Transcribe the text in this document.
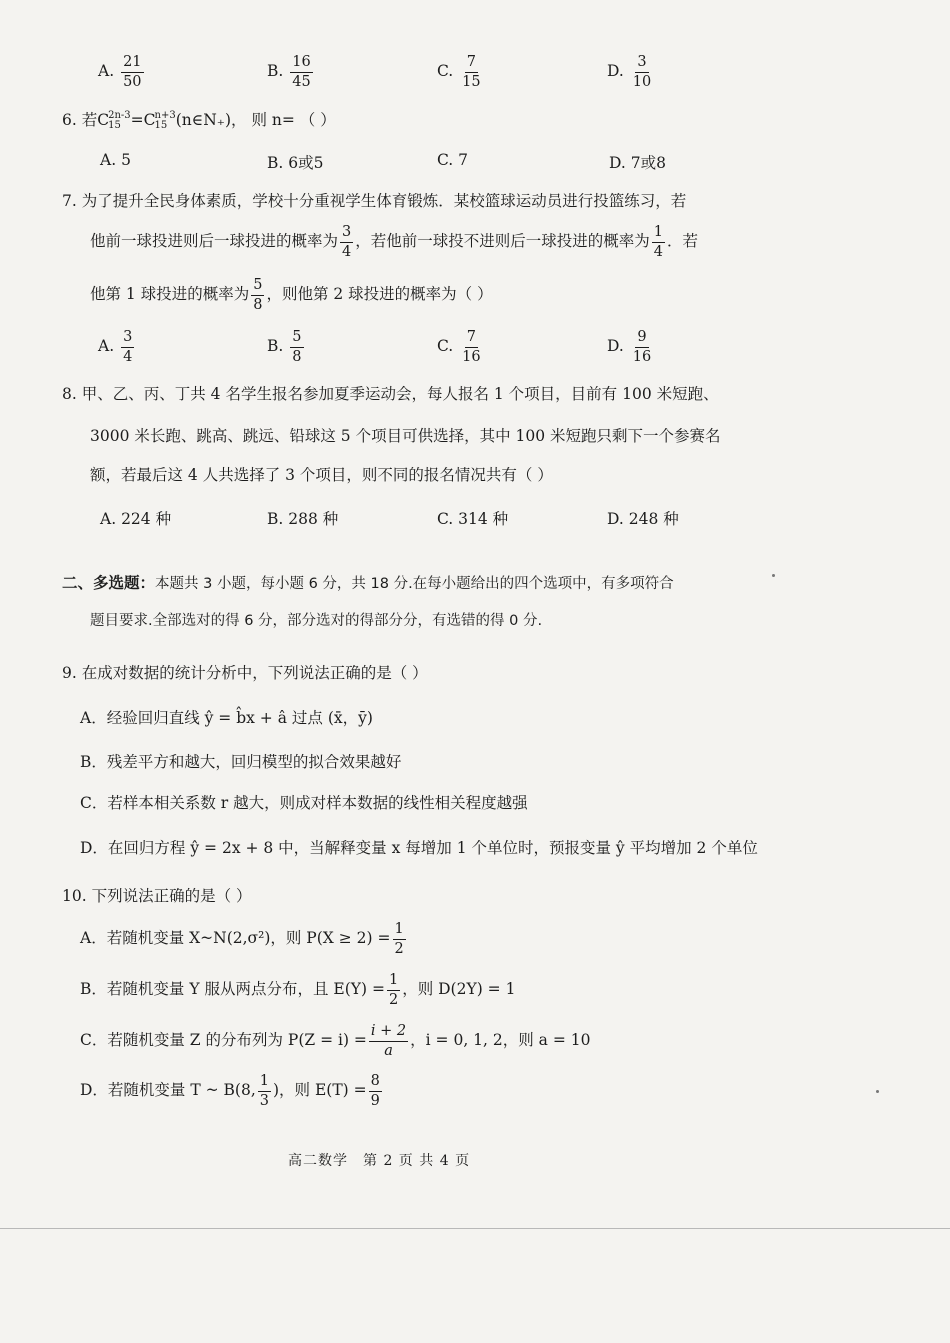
A. $\frac{21}{50}$	B. $\frac{16}{45}$	C. $\frac{7}{15}$	D. $\frac{3}{10}$
6. 若C 2n-3
15 =C n+3
15 (n∈N₊)， 则 n= （ ）
A. 5	B. 6或5	C. 7	D. 7或8
7. 为了提升全民身体素质，学校十分重视学生体育锻炼．某校篮球运动员进行投篮练习，若
他前一球投进则后一球投进的概率为 $\frac{3}{4}$ ，若他前一球投不进则后一球投进的概率为 $\frac{1}{4}$ ．若
他第 1 球投进的概率为 $\frac{5}{8}$ ，则他第 2 球投进的概率为（ ）
A. $\frac{3}{4}$	B. $\frac{5}{8}$	C. $\frac{7}{16}$	D. $\frac{9}{16}$
8. 甲、乙、丙、丁共 4 名学生报名参加夏季运动会，每人报名 1 个项目，目前有 100 米短跑、
3000 米长跑、跳高、跳远、铅球这 5 个项目可供选择，其中 100 米短跑只剩下一个参赛名
额，若最后这 4 人共选择了 3 个项目，则不同的报名情况共有（ ）
A. 224 种	B. 288 种	C. 314 种	D. 248 种
二、多选题：本题共 3 小题，每小题 6 分，共 18 分.在每小题给出的四个选项中，有多项符合
题目要求.全部选对的得 6 分，部分选对的得部分分，有选错的得 0 分.
9. 在成对数据的统计分析中，下列说法正确的是（ ）
A．经验回归直线 ŷ = b̂x + â 过点 (x̄，ȳ)
B．残差平方和越大，回归模型的拟合效果越好
C．若样本相关系数 r 越大，则成对样本数据的线性相关程度越强
D．在回归方程 ŷ = 2x + 8 中，当解释变量 x 每增加 1 个单位时，预报变量 ŷ 平均增加 2 个单位
10. 下列说法正确的是（ ）
A．若随机变量 X~N(2,σ²)，则 $P(X \ge 2) = \frac{1}{2}$
B．若随机变量 Y 服从两点分布，且 $E(Y) = \frac{1}{2}$ ，则 D(2Y) = 1
C．若随机变量 Z 的分布列为 $P(Z = i) = \frac{i + 2}{a}$ ，i = 0, 1, 2，则 a = 10
D．若随机变量 T ~ B(8, $\frac{1}{3}$ )，则 $E(T) = \frac{8}{9}$
高二数学　第 2 页 共 4 页
